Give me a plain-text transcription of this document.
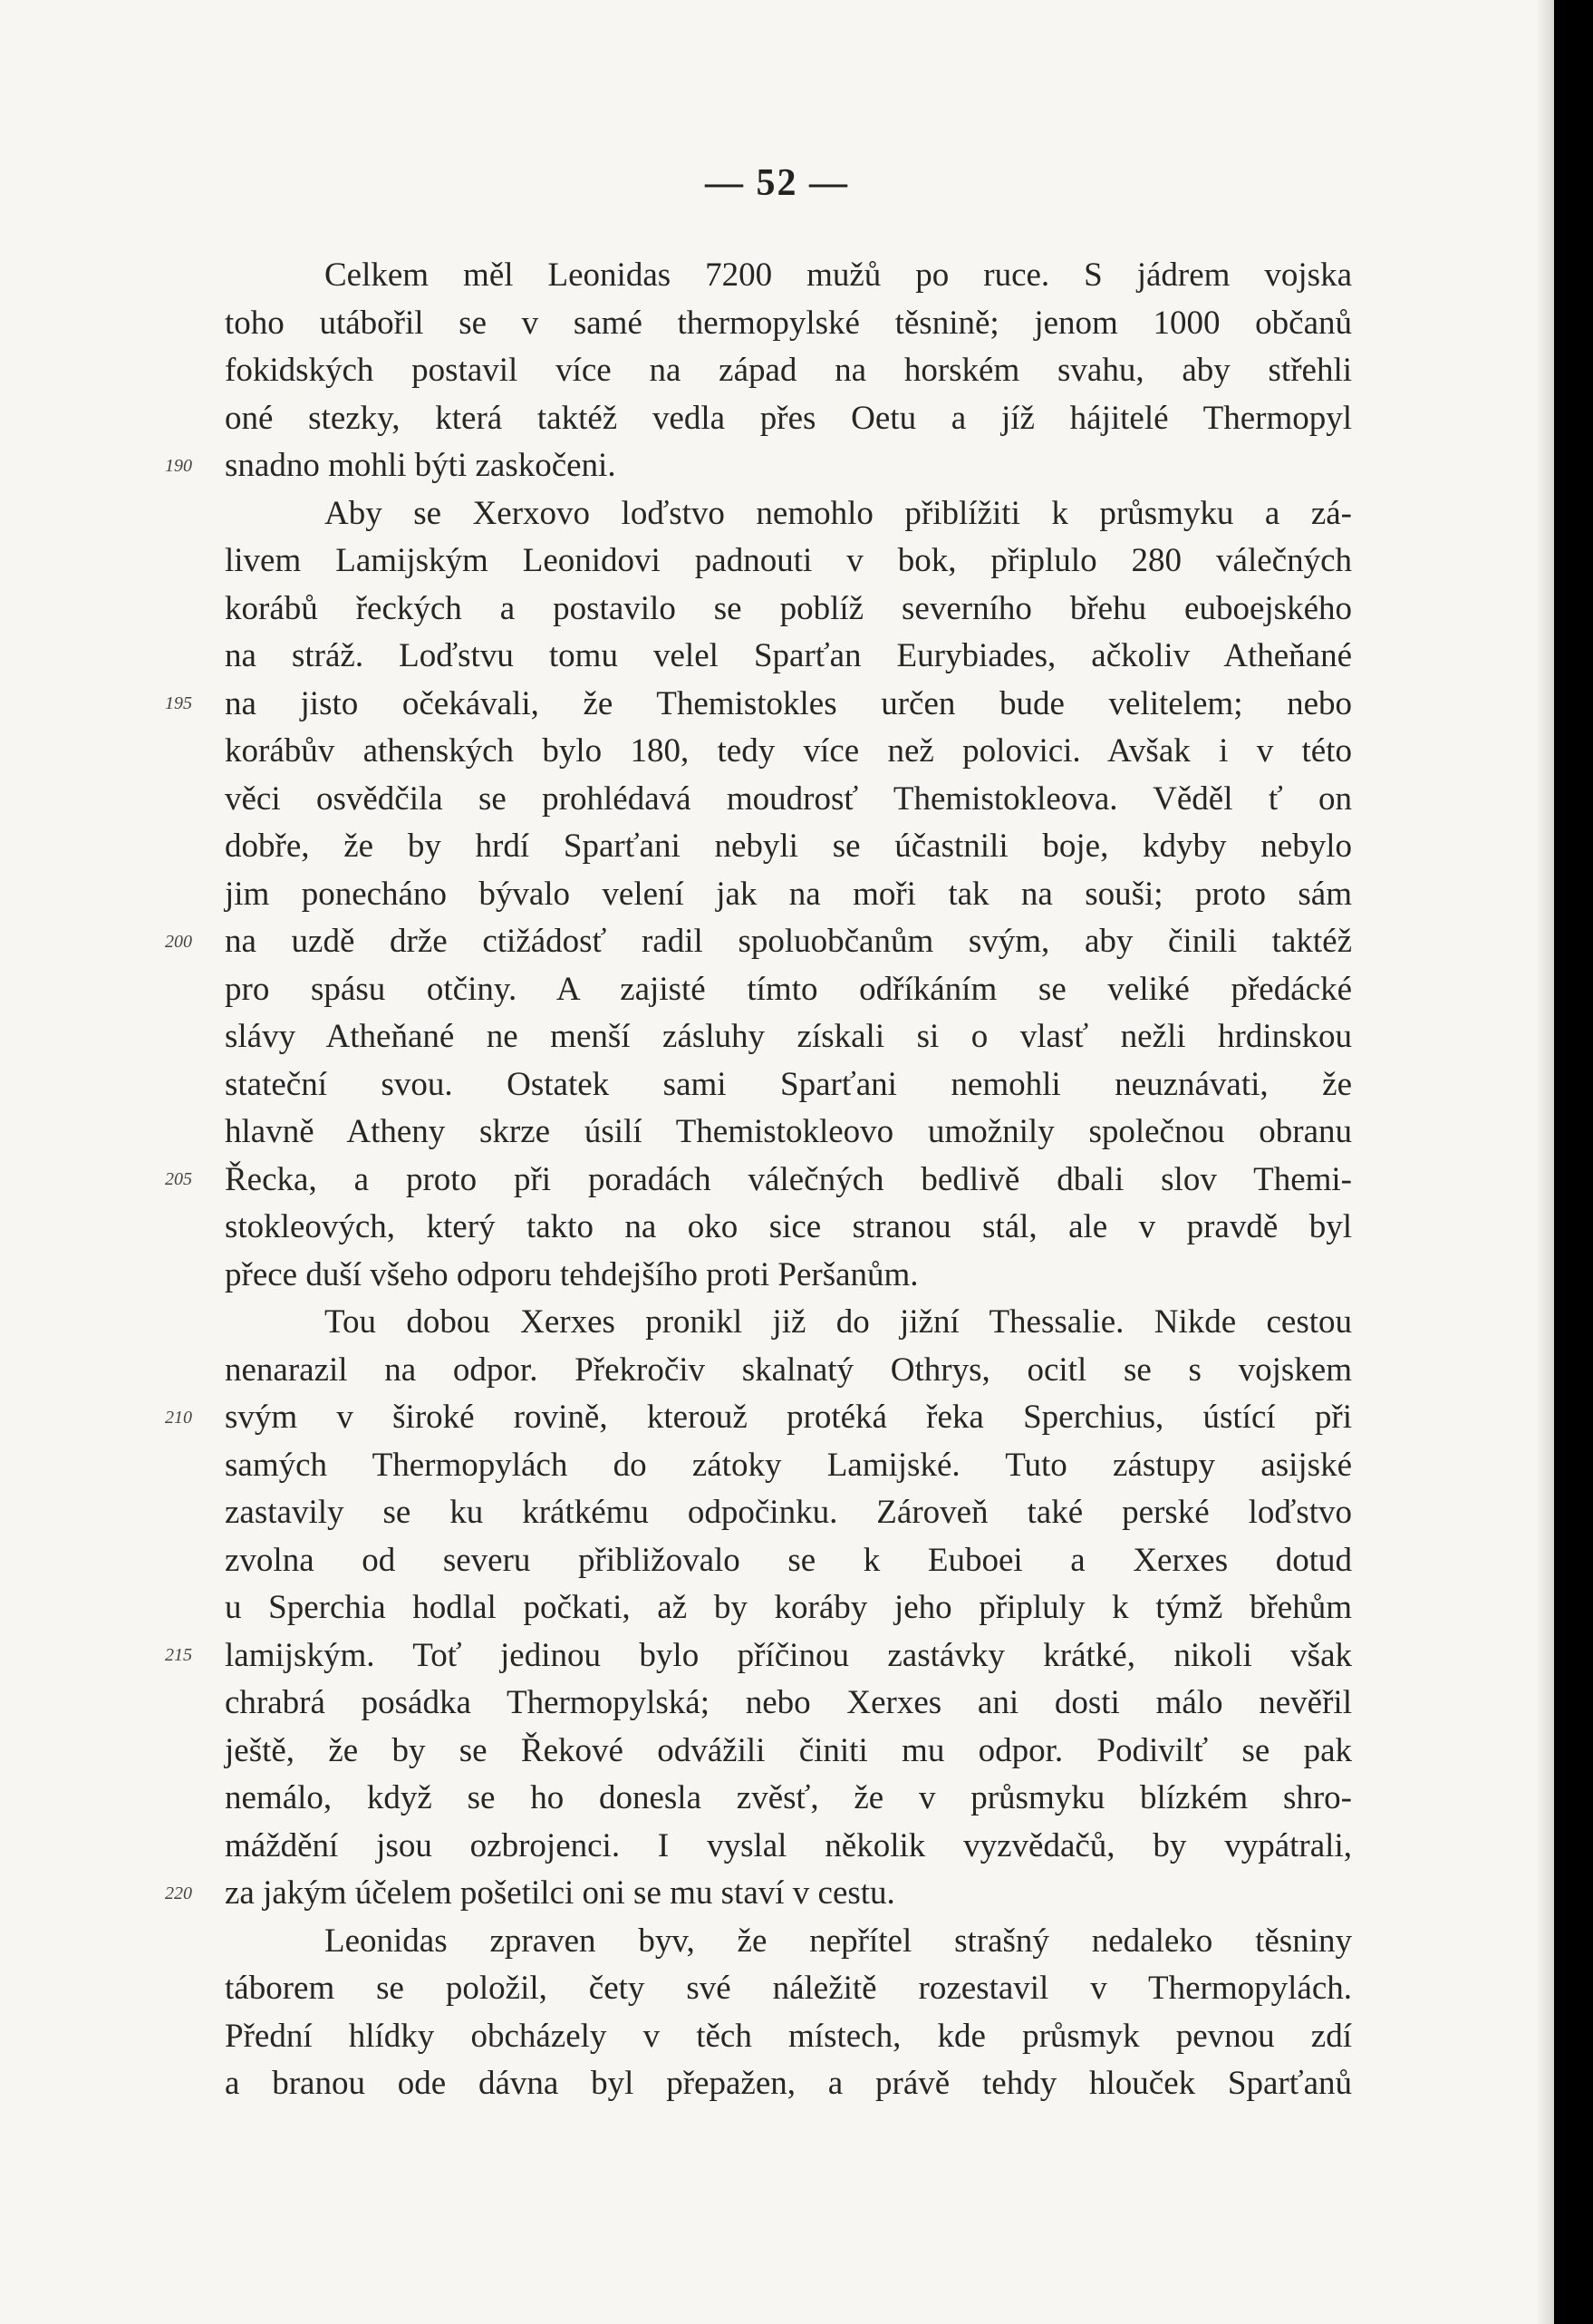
— 52 —
190
195
200
205
210
215
220
Celkem měl Leonidas 7200 mužů po ruce. S jádrem vojska
toho utábořil se v samé thermopylské těsnině; jenom 1000 občanů
fokidských postavil více na západ na horském svahu, aby střehli
oné stezky, která taktéž vedla přes Oetu a jíž hájitelé Thermopyl
snadno mohli býti zaskočeni.
Aby se Xerxovo loďstvo nemohlo přiblížiti k průsmyku a zá-
livem Lamijským Leonidovi padnouti v bok, připlulo 280 válečných
korábů řeckých a postavilo se poblíž severního břehu euboejského
na stráž. Loďstvu tomu velel Sparťan Eurybiades, ačkoliv Atheňané
na jisto očekávali, že Themistokles určen bude velitelem; nebo
korábův athenských bylo 180, tedy více než polovici. Avšak i v této
věci osvědčila se prohlédavá moudrosť Themistokleova. Věděl ť on
dobře, že by hrdí Sparťani nebyli se účastnili boje, kdyby nebylo
jim ponecháno bývalo velení jak na moři tak na souši; proto sám
na uzdě drže ctižádosť radil spoluobčanům svým, aby činili taktéž
pro spásu otčiny. A zajisté tímto odříkáním se veliké předácké
slávy Atheňané ne menší zásluhy získali si o vlasť nežli hrdinskou
stateční svou. Ostatek sami Sparťani nemohli neuznávati, že
hlavně Atheny skrze úsilí Themistokleovo umožnily společnou obranu
Řecka, a proto při poradách válečných bedlivě dbali slov Themi-
stokleových, který takto na oko sice stranou stál, ale v pravdě byl
přece duší všeho odporu tehdejšího proti Peršanům.
Tou dobou Xerxes pronikl již do jižní Thessalie. Nikde cestou
nenarazil na odpor. Překročiv skalnatý Othrys, ocitl se s vojskem
svým v široké rovině, kterouž protéká řeka Sperchius, ústící při
samých Thermopylách do zátoky Lamijské. Tuto zástupy asijské
zastavily se ku krátkému odpočinku. Zároveň také perské loďstvo
zvolna od severu přibližovalo se k Euboei a Xerxes dotud
u Sperchia hodlal počkati, až by koráby jeho připluly k týmž břehům
lamijským. Toť jedinou bylo příčinou zastávky krátké, nikoli však
chrabrá posádka Thermopylská; nebo Xerxes ani dosti málo nevěřil
ještě, že by se Řekové odvážili činiti mu odpor. Podivilť se pak
nemálo, když se ho donesla zvěsť, že v průsmyku blízkém shro-
máždění jsou ozbrojenci. I vyslal několik vyzvědačů, by vypátrali,
za jakým účelem pošetilci oni se mu staví v cestu.
Leonidas zpraven byv, že nepřítel strašný nedaleko těsniny
táborem se položil, čety své náležitě rozestavil v Thermopylách.
Přední hlídky obcházely v těch místech, kde průsmyk pevnou zdí
a branou ode dávna byl přepažen, a právě tehdy hlouček Sparťanů
